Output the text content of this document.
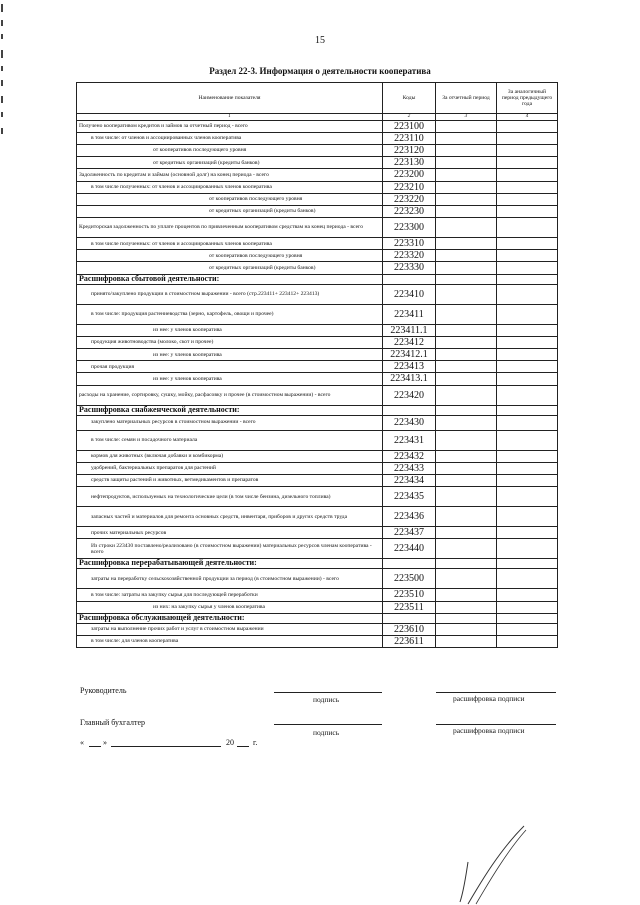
15
Раздел 22-3. Информация о деятельности кооператива
Наименование показателя	Коды	За отчетный период	За аналогичный период предыдущего года
1	2	3	4
Получено кооперативом кредитов и займов за отчетный период - всего	223100		
в том числе: от членов и ассоциированных членов кооператива	223110		
от кооперативов последующего уровня	223120		
от кредитных организаций (кредиты банков)	223130		
Задолженность по кредитам и займам (основной долг) на конец периода - всего	223200		
в том числе полученных: от членов и ассоциированных членов кооператива	223210		
от кооперативов последующего уровня	223220		
от кредитных организаций (кредиты банков)	223230		
Кредиторская задолженность по уплате процентов по привлеченным кооперативом средствам на конец периода - всего	223300		
в том числе полученных: от членов и ассоциированных членов кооператива	223310		
от кооперативов последующего уровня	223320		
от кредитных организаций (кредиты банков)	223330		
Расшифровка сбытовой деятельности:			
принято/закуплено продукции в стоимостном выражении - всего (стр.223411+ 223412+ 223413)	223410		
в том числе: продукция растениеводства (зерно, картофель, овощи и прочее)	223411		
из нее: у членов кооператива	223411.1		
продукция животноводства (молоко, скот и прочее)	223412		
из нее: у членов кооператива	223412.1		
прочая продукция	223413		
из нее: у членов кооператива	223413.1		
расходы на хранение, сортировку, сушку, мойку, расфасовку и прочее (в стоимостном выражении) - всего	223420		
Расшифровка снабженческой деятельности:			
закуплено материальных ресурсов в стоимостном выражении - всего	223430		
в том числе: семян и посадочного материала	223431		
кормов для животных (включая добавки и комбикорма)	223432		
удобрений, бактериальных препаратов для растений	223433		
средств защиты растений и животных, ветмедикаментов и препаратов	223434		
нефтепродуктов, используемых на технологические цели (в том числе бензина, дизельного топлива)	223435		
запасных частей и материалов для ремонта основных средств, инвентаря, приборов и других средств труда	223436		
прочих материальных ресурсов	223437		
Из строки 223430 поставлено/реализовано (в стоимостном выражении) материальных ресурсов членам кооператива - всего	223440		
Расшифровка перерабатывающей деятельности:			
затраты на переработку сельскохозяйственной продукции за период (в стоимостном выражении) - всего	223500		
в том числе: затраты на закупку сырья для последующей переработки	223510		
из них: на закупку сырья у членов кооператива	223511		
Расшифровка обслуживающей деятельности:			
затраты на выполнение прочих работ и услуг в стоимостном выражении	223610		
в том числе: для членов кооператива	223611		
Руководитель
подпись	расшифровка подписи
Главный бухгалтер
подпись	расшифровка подписи
« »	20 г.
